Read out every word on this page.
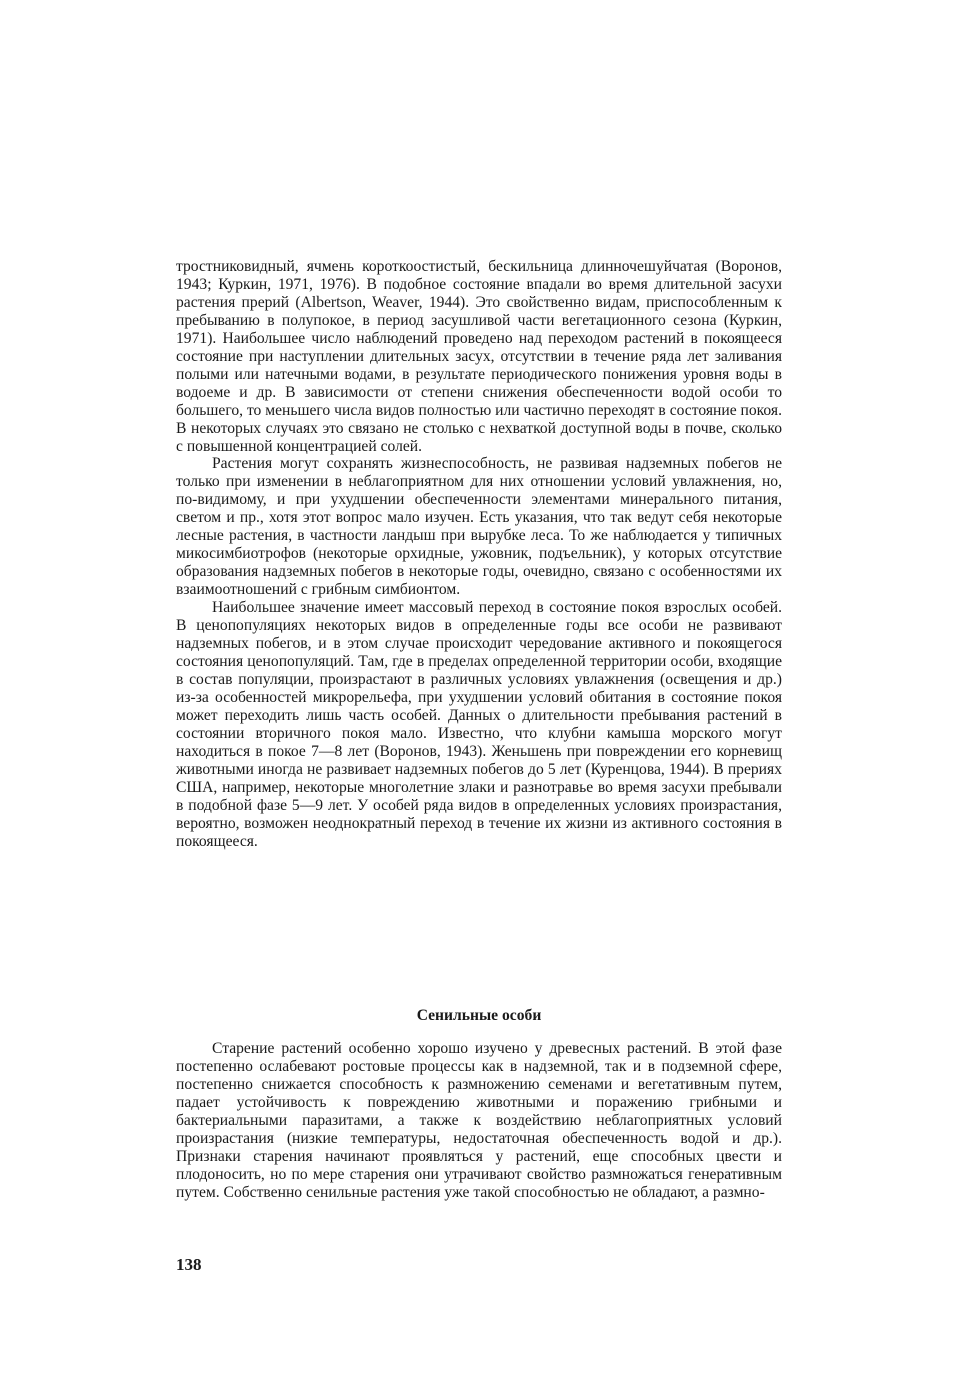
тростниковидный, ячмень короткоостистый, бескильница длинночешуйчатая (Воронов, 1943; Куркин, 1971, 1976). В подобное состояние впадали во время длительной засухи растения прерий (Albertson, Weaver, 1944). Это свойственно видам, приспособленным к пребыванию в полупокое, в период засушливой части вегетационного сезона (Куркин, 1971). Наибольшее число наблюдений проведено над переходом растений в покоящееся состояние при наступлении длительных засух, отсутствии в течение ряда лет заливания полыми или натечными водами, в результате периодического понижения уровня воды в водоеме и др. В зависимости от степени снижения обеспеченности водой особи то большего, то меньшего числа видов полностью или частично переходят в состояние покоя. В некоторых случаях это связано не столько с нехваткой доступной воды в почве, сколько с повышенной концентрацией солей.

Растения могут сохранять жизнеспособность, не развивая надземных побегов не только при изменении в неблагоприятном для них отношении условий увлажнения, но, по-видимому, и при ухудшении обеспеченности элементами минерального питания, светом и пр., хотя этот вопрос мало изучен. Есть указания, что так ведут себя некоторые лесные растения, в частности ландыш при вырубке леса. То же наблюдается у типичных микосимбиотрофов (некоторые орхидные, ужовник, подъельник), у которых отсутствие образования надземных побегов в некоторые годы, очевидно, связано с особенностями их взаимоотношений с грибным симбионтом.

Наибольшее значение имеет массовый переход в состояние покоя взрослых особей. В ценопопуляциях некоторых видов в определенные годы все особи не развивают надземных побегов, и в этом случае происходит чередование активного и покоящегося состояния ценопопуляций. Там, где в пределах определенной территории особи, входящие в состав популяции, произрастают в различных условиях увлажнения (освещения и др.) из-за особенностей микрорельефа, при ухудшении условий обитания в состояние покоя может переходить лишь часть особей. Данных о длительности пребывания растений в состоянии вторичного покоя мало. Известно, что клубни камыша морского могут находиться в покое 7—8 лет (Воронов, 1943). Женьшень при повреждении его корневищ животными иногда не развивает надземных побегов до 5 лет (Куренцова, 1944). В прериях США, например, некоторые многолетние злаки и разнотравье во время засухи пребывали в подобной фазе 5—9 лет. У особей ряда видов в определенных условиях произрастания, вероятно, возможен неоднократный переход в течение их жизни из активного состояния в покоящееся.

Сенильные особи

Старение растений особенно хорошо изучено у древесных растений. В этой фазе постепенно ослабевают ростовые процессы как в надземной, так и в подземной сфере, постепенно снижается способность к размножению семенами и вегетативным путем, падает устойчивость к повреждению животными и поражению грибными и бактериальными паразитами, а также к воздействию неблагоприятных условий произрастания (низкие температуры, недостаточная обеспеченность водой и др.). Признаки старения начинают проявляться у растений, еще способных цвести и плодоносить, но по мере старения они утрачивают свойство размножаться генеративным путем. Собственно сенильные растения уже такой способностью не обладают, а размно-

138
